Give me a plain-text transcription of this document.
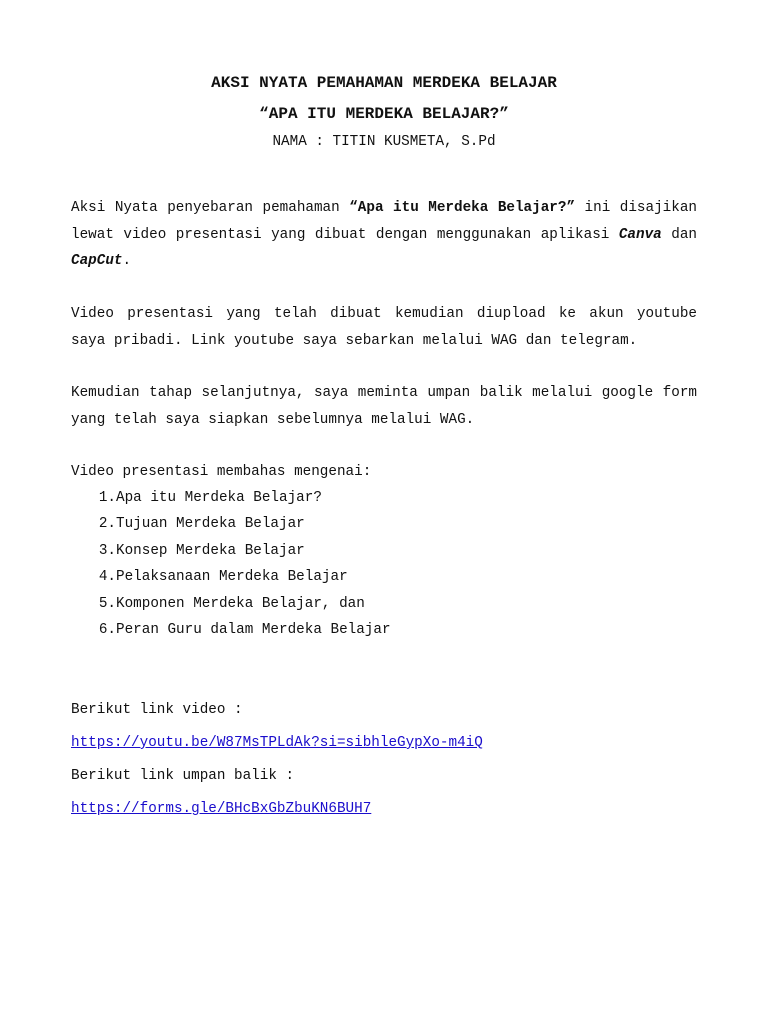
AKSI NYATA PEMAHAMAN MERDEKA BELAJAR
“APA ITU MERDEKA BELAJAR?”

NAMA : TITIN KUSMETA, S.Pd

Aksi Nyata penyebaran pemahaman “Apa itu Merdeka Belajar?” ini disajikan lewat video presentasi yang dibuat dengan menggunakan aplikasi Canva dan CapCut.

Video presentasi yang telah dibuat kemudian diupload ke akun youtube saya pribadi. Link youtube saya sebarkan melalui WAG dan telegram.

Kemudian tahap selanjutnya, saya meminta umpan balik melalui google form yang telah saya siapkan sebelumnya melalui WAG.

Video presentasi membahas mengenai:

1.Apa itu Merdeka Belajar?
2.Tujuan Merdeka Belajar
3.Konsep Merdeka Belajar
4.Pelaksanaan Merdeka Belajar
5.Komponen Merdeka Belajar, dan
6.Peran Guru dalam Merdeka Belajar

Berikut link video :

https://youtu.be/W87MsTPLdAk?si=sibhleGypXo-m4iQ

Berikut link umpan balik :

https://forms.gle/BHcBxGbZbuKN6BUH7
